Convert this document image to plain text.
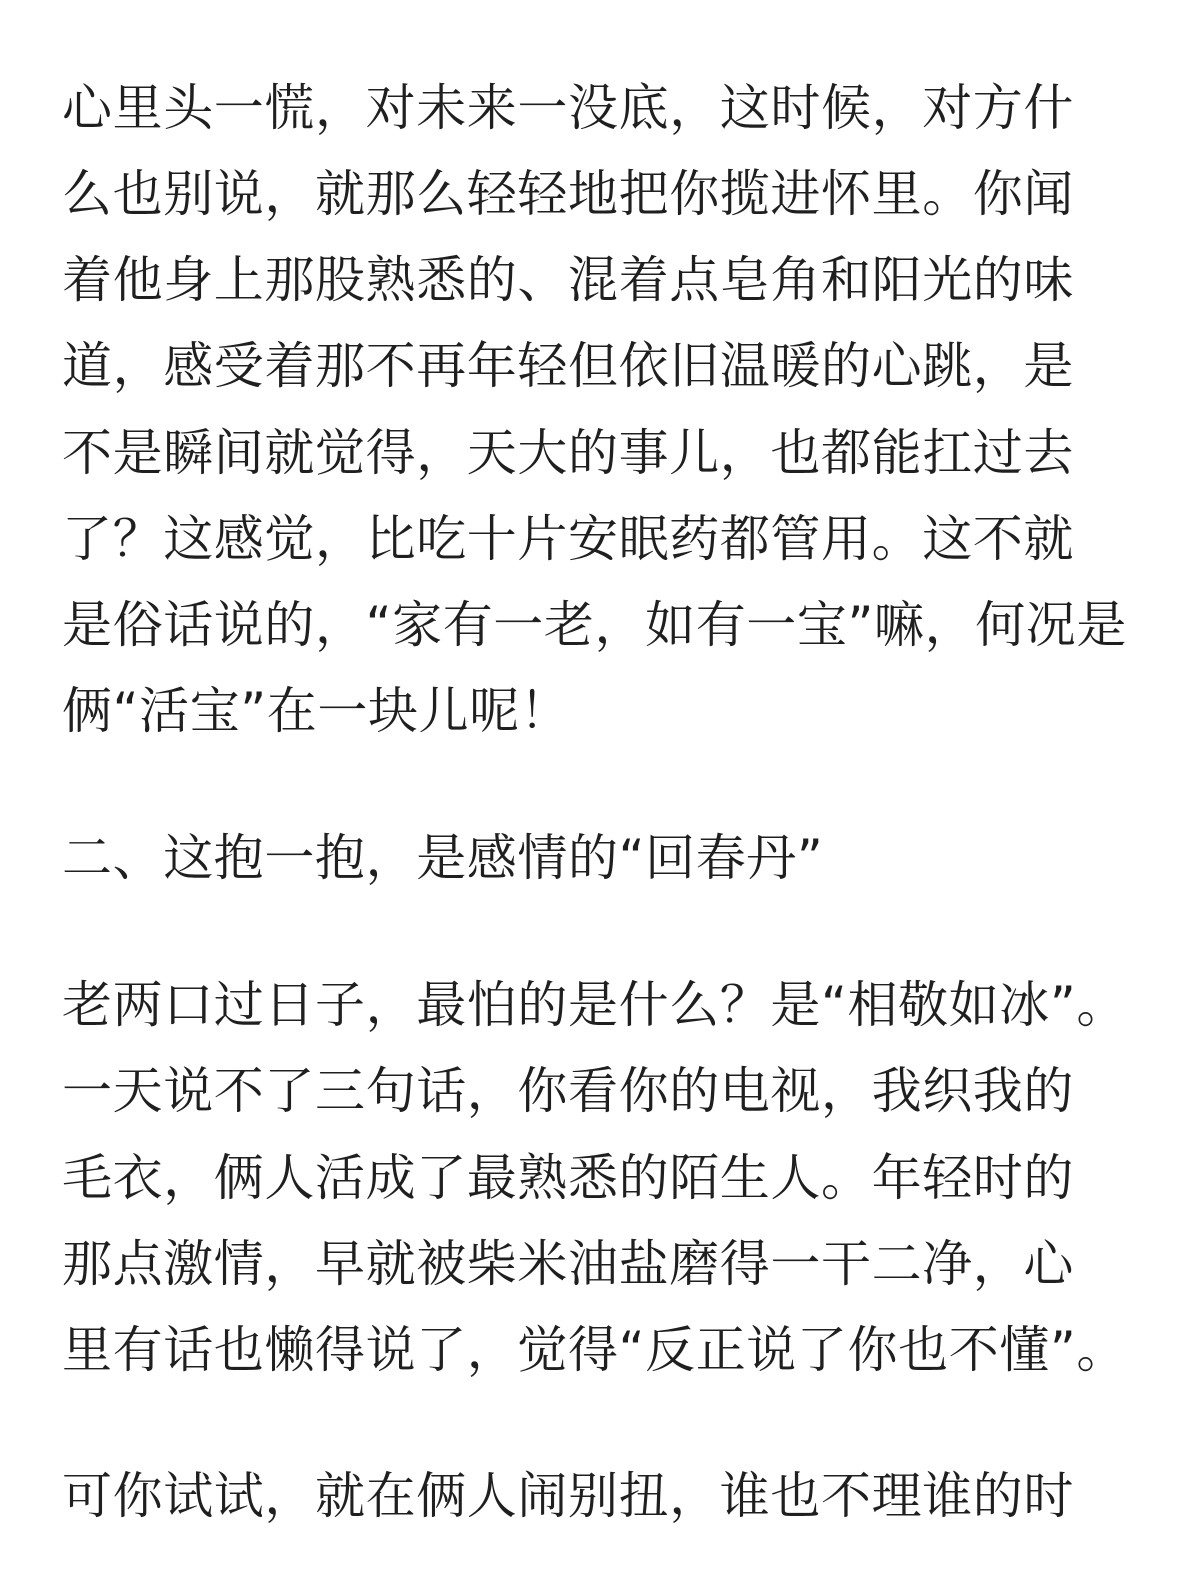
心里头一慌，对未来一没底，这时候，对方什
么也别说，就那么轻轻地把你揽进怀里。你闻
着他身上那股熟悉的、混着点皂角和阳光的味
道，感受着那不再年轻但依旧温暖的心跳，是
不是瞬间就觉得，天大的事儿，也都能扛过去
了？这感觉，比吃十片安眠药都管用。这不就
是俗话说的，“家有一老，如有一宝”嘛，何况是
俩“活宝”在一块儿呢！
二、这抱一抱，是感情的“回春丹”
老两口过日子，最怕的是什么？是“相敬如冰”。
一天说不了三句话，你看你的电视，我织我的
毛衣，俩人活成了最熟悉的陌生人。年轻时的
那点激情，早就被柴米油盐磨得一干二净，心
里有话也懒得说了，觉得“反正说了你也不懂”。
可你试试，就在俩人闹别扭，谁也不理谁的时
